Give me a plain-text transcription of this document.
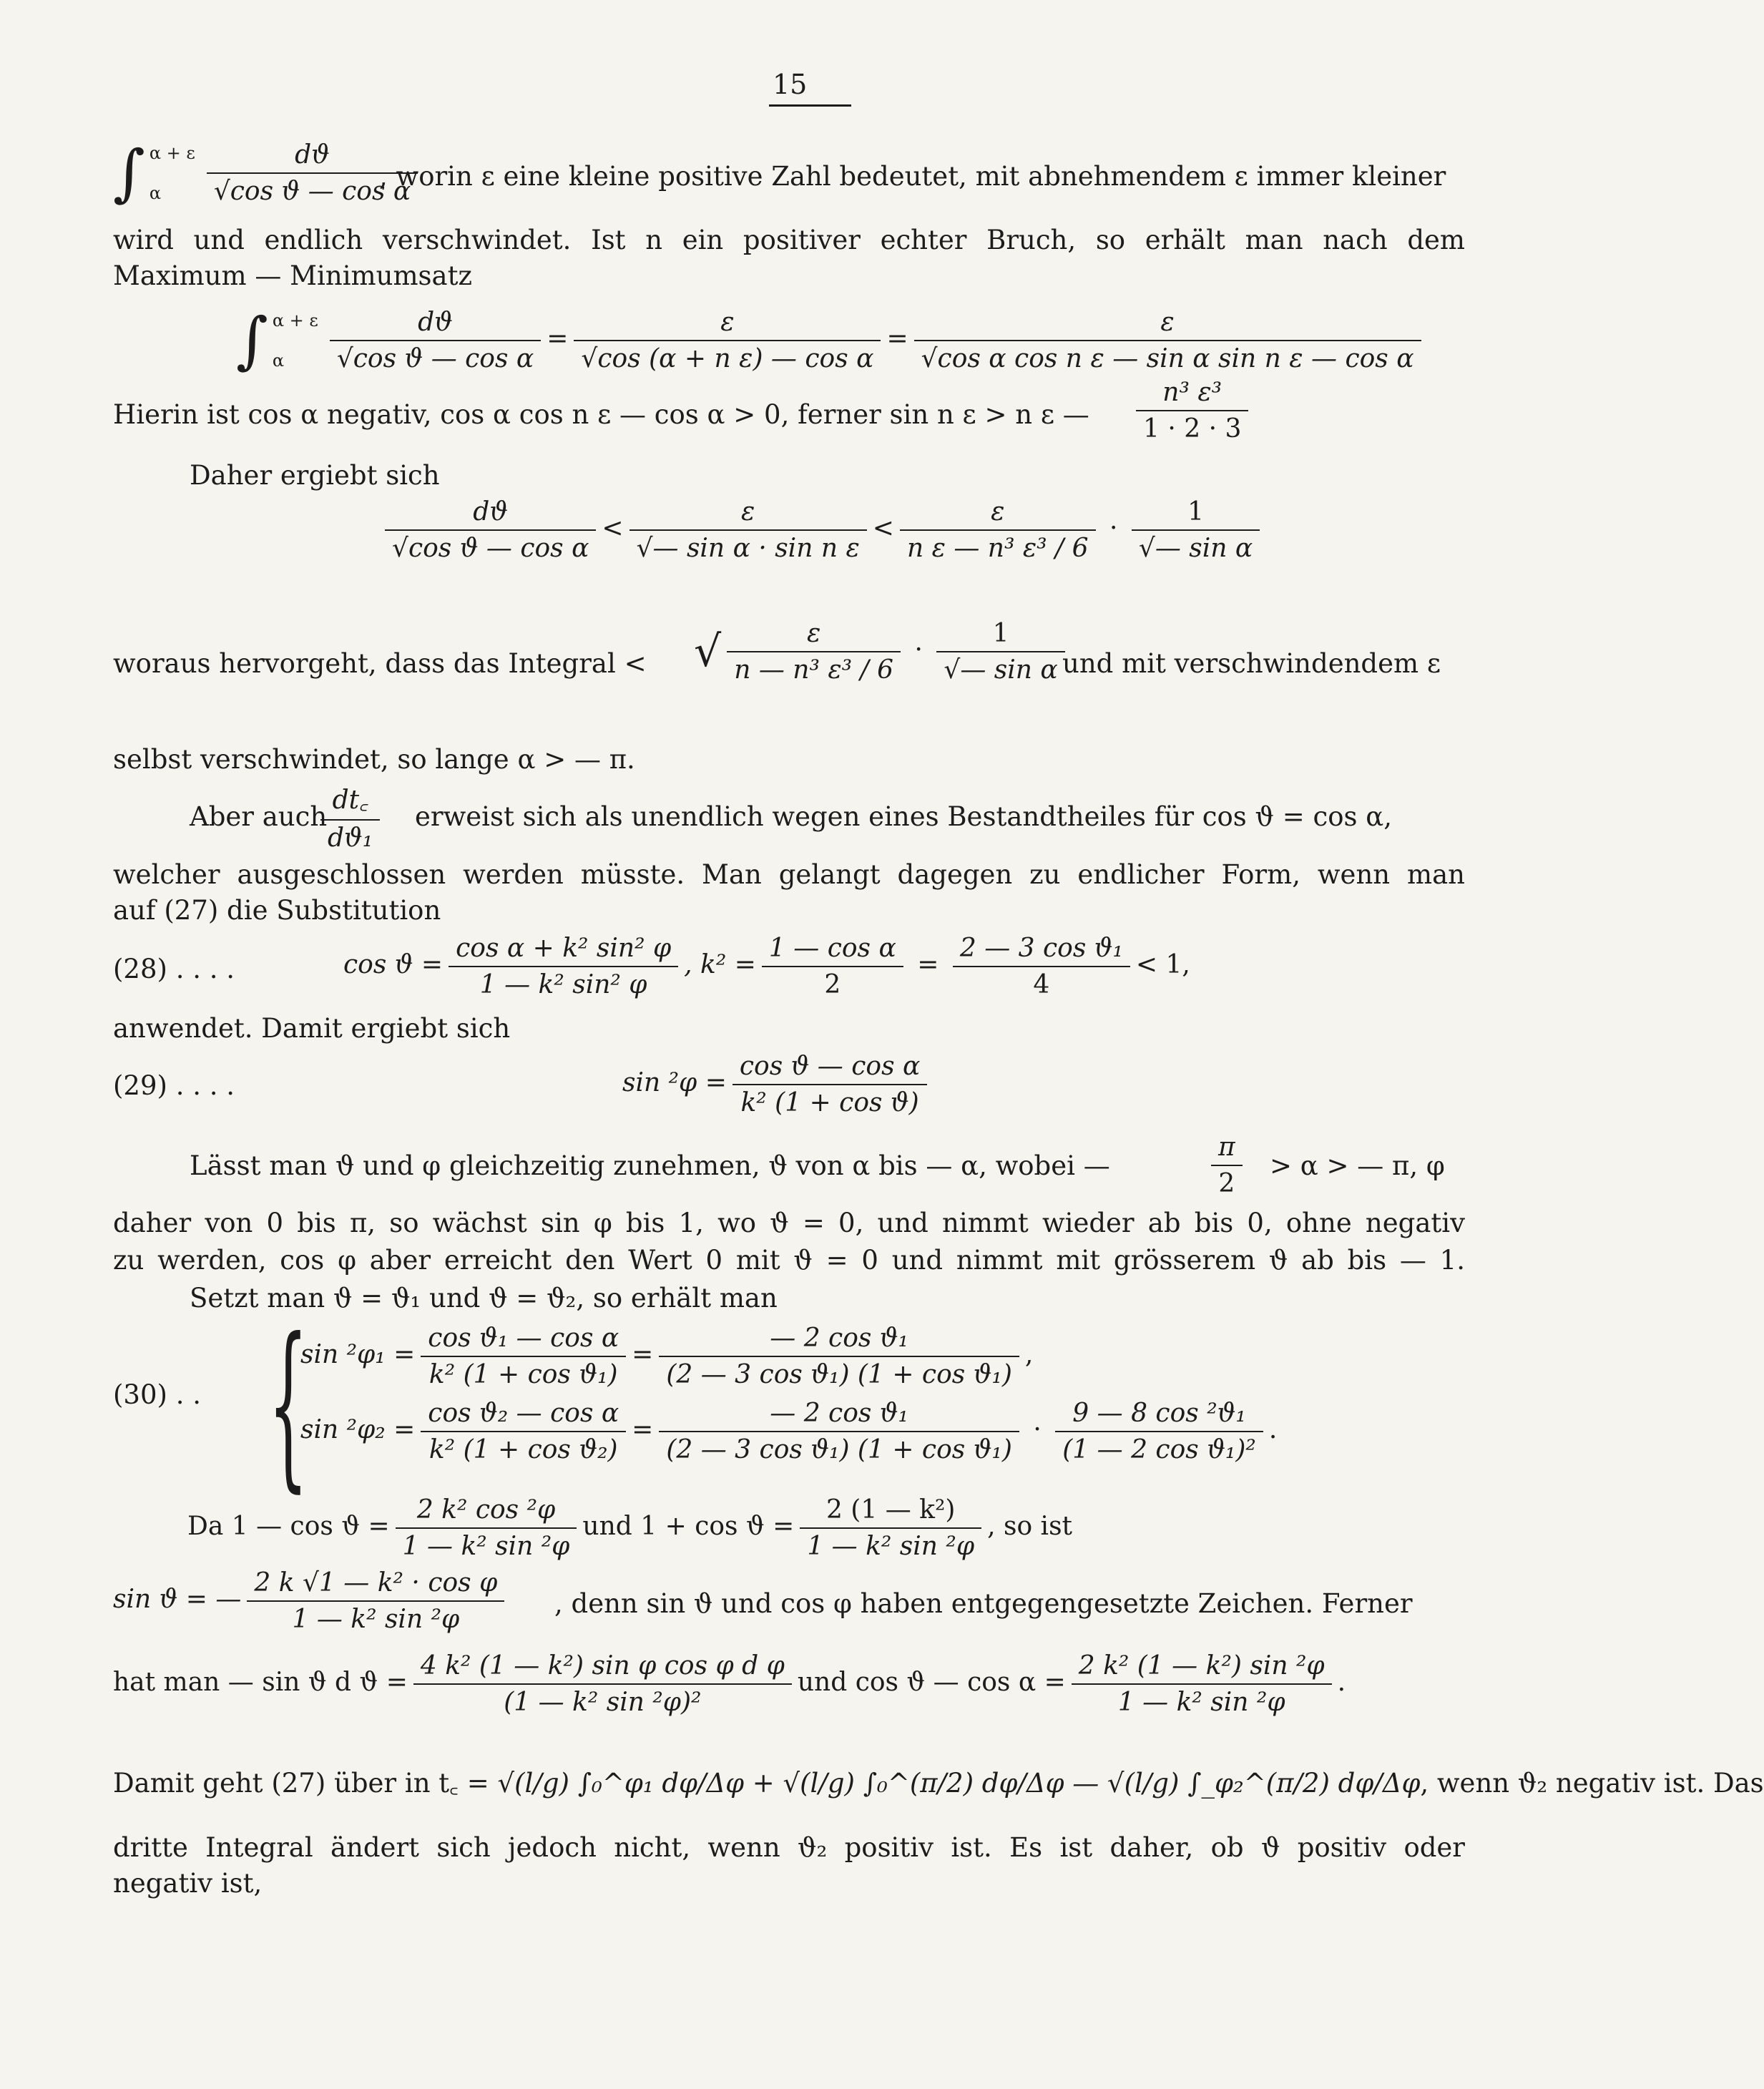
15
∫ α + ε
α	$\frac{dϑ}{\text{√cos ϑ — cos α}}$
, worin ε eine kleine positive Zahl bedeutet, mit abnehmendem ε immer kleiner
wird und endlich verschwindet. Ist n ein positiver echter Bruch, so erhält man nach dem
Maximum — Minimumsatz
∫ α + ε
α	$\frac{dϑ}{\text{√cos ϑ — cos α}} = \frac{\varepsilon}{\text{√cos (α + n ε) — cos α}} = \frac{\varepsilon}{\text{√cos α cos n ε — sin α sin n ε — cos α}}$
Hierin ist cos α negativ, cos α cos n ε — cos α > 0, ferner sin n ε > n ε —	$\frac{\text{n³ ε³}}{1 \cdot 2 \cdot 3}$
Daher ergiebt sich
$\frac{dϑ}{\text{√cos ϑ — cos α}} < \frac{\varepsilon}{\text{√— sin α · sin n ε}} < \frac{\varepsilon}{\text{n ε — n³ ε³ / 6}} \cdot \frac{1}{\text{√— sin α}}$
woraus hervorgeht, dass das Integral <	√ $\frac{\varepsilon}{\text{n — n³ ε³ / 6}} \cdot \frac{1}{\text{√— sin α}}$
und mit verschwindendem ε
selbst verschwindet, so lange α > — π.
Aber auch
$\frac{dt꜀}{\text{dϑ₁}}$ erweist sich als unendlich wegen eines Bestandtheiles für cos ϑ = cos α,
welcher ausgeschlossen werden müsste. Man gelangt dagegen zu endlicher Form, wenn man
auf (27) die Substitution
(28) . . . .	$\cos ϑ = \frac{\text{cos α + k² sin² φ}}{\text{1 — k² sin² φ}}$ , $k^2 = \frac{\text{1 — cos α}}{2} = \frac{\text{2 — 3 cos ϑ₁}}{4} < 1$,
anwendet. Damit ergiebt sich
(29) . . . .	$\sin ^2\varphi = \frac{\text{cos ϑ — cos α}}{\text{k² (1 + cos ϑ)}}$
Lässt man ϑ und φ gleichzeitig zunehmen, ϑ von α bis — α, wobei —	$\frac{\pi}{2} > \alpha$ > — π, φ
daher von 0 bis π, so wächst sin φ bis 1, wo ϑ = 0, und nimmt wieder ab bis 0, ohne negativ
zu werden, cos φ aber erreicht den Wert 0 mit ϑ = 0 und nimmt mit grösserem ϑ ab bis — 1.
Setzt man ϑ = ϑ₁ und ϑ = ϑ₂, so erhält man
(30) . . {
$\sin ^2\varphi_1 = \frac{\text{cos ϑ₁ — cos α}}{\text{k² (1 + cos ϑ₁)}} = \frac{\text{— 2 cos ϑ₁}}{\text{(2 — 3 cos ϑ₁) (1 + cos ϑ₁)}}$ ,
$\sin ^2\varphi_2 = \frac{\text{cos ϑ₂ — cos α}}{\text{k² (1 + cos ϑ₂)}} = \frac{\text{— 2 cos ϑ₁}}{\text{(2 — 3 cos ϑ₁) (1 + cos ϑ₁)}} \cdot \frac{\text{9 — 8 cos ²ϑ₁}}{\text{(1 — 2 cos ϑ₁)²}}$ .
Da 1 — $\cos ϑ = \frac{\text{2 k² cos ²φ}}{\text{1 — k² sin ²φ}}$ und $1 + \cos ϑ = \frac{\text{2 (1 — k²)}}{\text{1 — k² sin ²φ}}$ , so ist
sin ϑ = — $\frac{\text{2 k √1 — k² · cos φ}}{\text{1 — k² sin ²φ}}$ , denn sin ϑ und cos φ haben entgegengesetzte Zeichen. Ferner
hat man — sin ϑ d $ϑ = \frac{\text{4 k² (1 — k²) sin φ cos φ d φ}}{\text{(1 — k² sin ²φ)²}}$ und cos ϑ — $\cos \alpha = \frac{\text{2 k² (1 — k²) sin ²φ}}{\text{1 — k² sin ²φ}}$ .
Damit geht (27) über in t꜀ = √(l/g) ∫₀^φ₁ dφ/Δφ + √(l/g) ∫₀^(π/2) dφ/Δφ — √(l/g) ∫_φ₂^(π/2) dφ/Δφ, wenn ϑ₂ negativ ist. Das
dritte Integral ändert sich jedoch nicht, wenn ϑ₂ positiv ist. Es ist daher, ob ϑ positiv oder
negativ ist,
